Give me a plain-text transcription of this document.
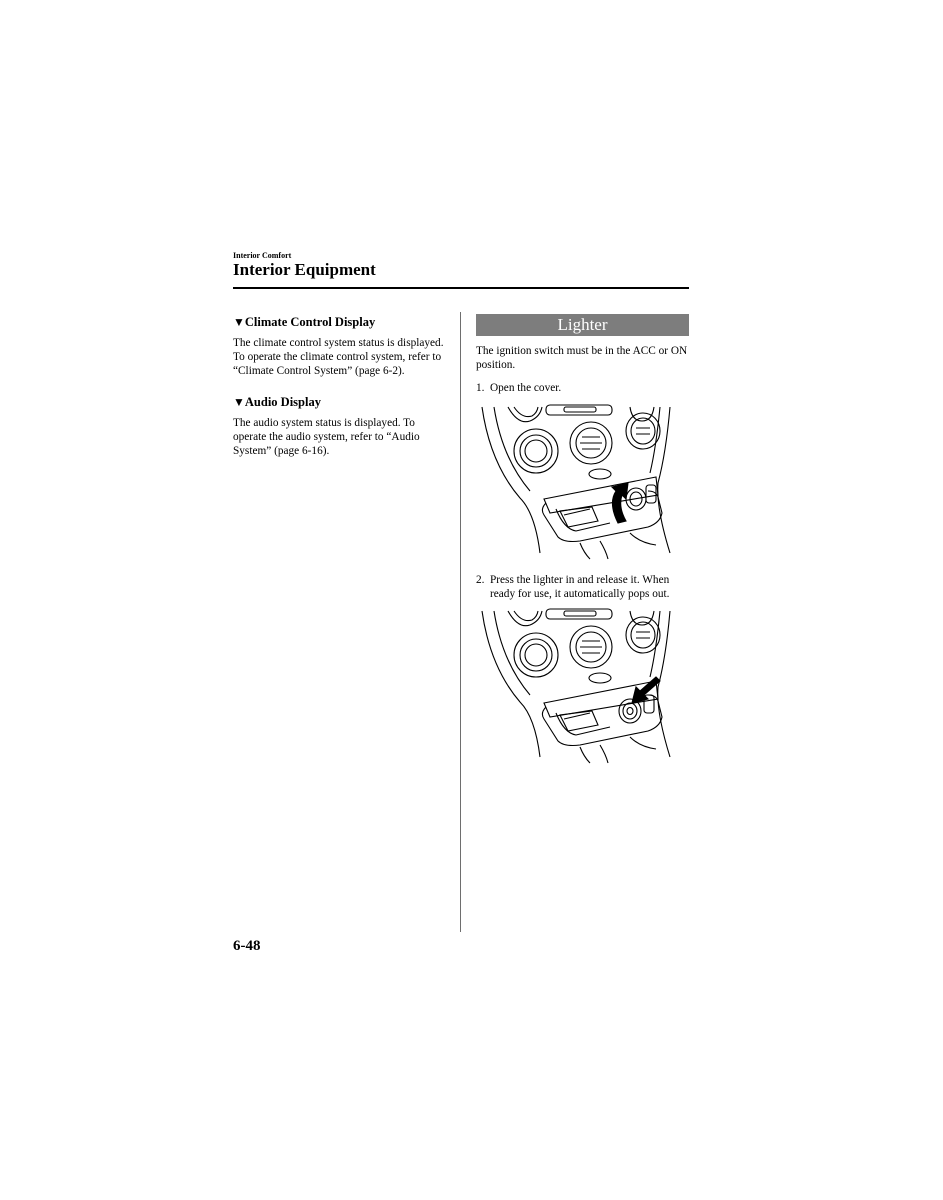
Interior Comfort
Interior Equipment
▼Climate Control Display

The climate control system status is displayed. To operate the climate control system, refer to “Climate Control System” (page 6-2).

▼Audio Display

The audio system status is displayed. To operate the audio system, refer to “Audio System” (page 6-16).

Lighter

The ignition switch must be in the ACC or ON position.

1. Open the cover.
2. Press the lighter in and release it. When ready for use, it automatically pops out.
6-48
